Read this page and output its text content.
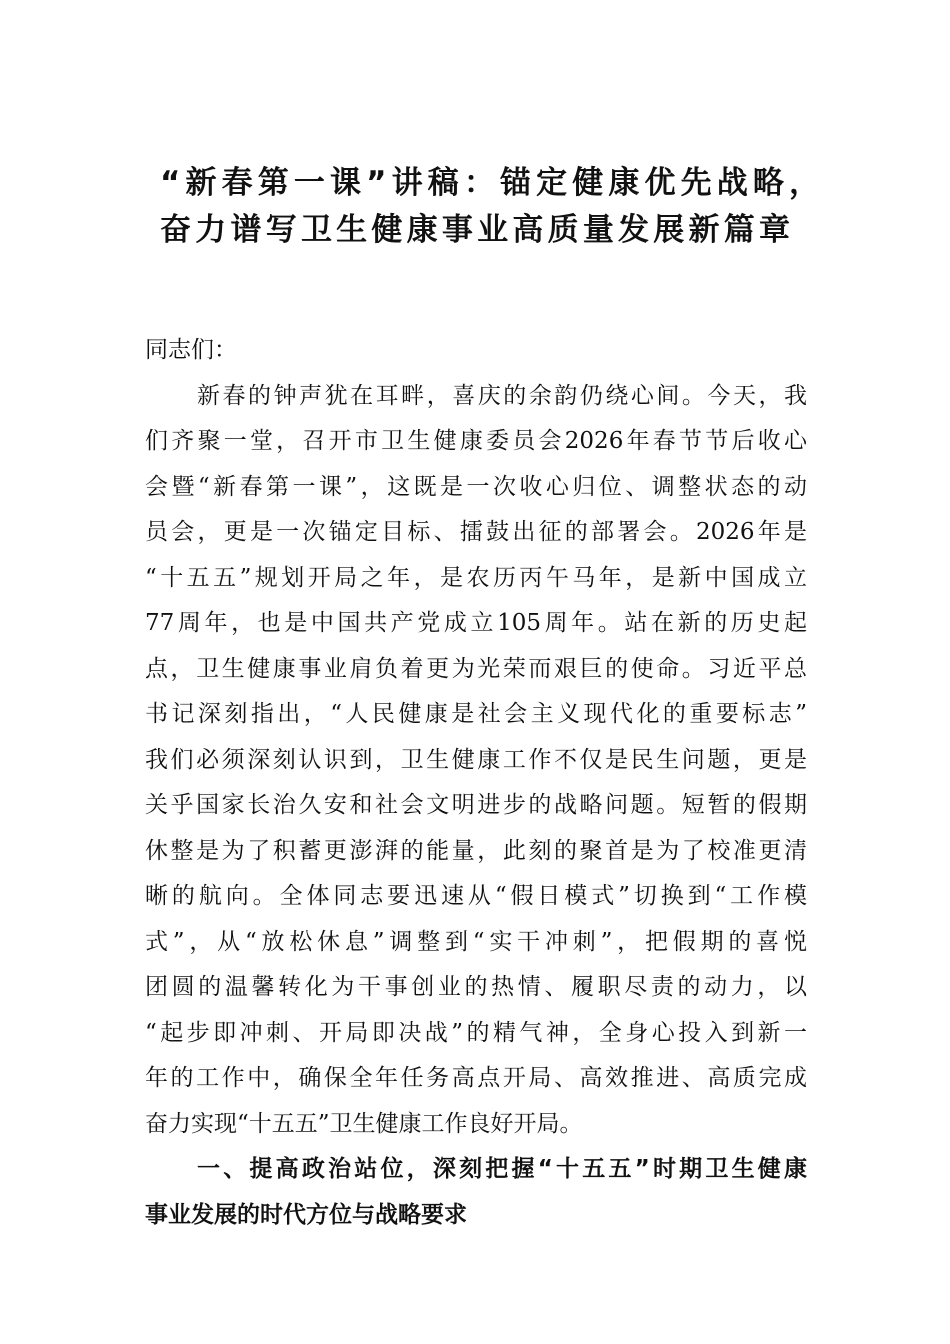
“新春第一课”讲稿：锚定健康优先战略，
奋力谱写卫生健康事业高质量发展新篇章
同志们：
新春的钟声犹在耳畔，喜庆的余韵仍绕心间。今天，我
们齐聚一堂，召开市卫生健康委员会2026年春节节后收心
会暨“新春第一课”，这既是一次收心归位、调整状态的动
员会，更是一次锚定目标、擂鼓出征的部署会。2026年是
“十五五”规划开局之年，是农历丙午马年，是新中国成立
77周年，也是中国共产党成立105周年。站在新的历史起
点，卫生健康事业肩负着更为光荣而艰巨的使命。习近平总
书记深刻指出，“人民健康是社会主义现代化的重要标志”
我们必须深刻认识到，卫生健康工作不仅是民生问题，更是
关乎国家长治久安和社会文明进步的战略问题。短暂的假期
休整是为了积蓄更澎湃的能量，此刻的聚首是为了校准更清
晰的航向。全体同志要迅速从“假日模式”切换到“工作模
式”，从“放松休息”调整到“实干冲刺”，把假期的喜悦
团圆的温馨转化为干事创业的热情、履职尽责的动力，以
“起步即冲刺、开局即决战”的精气神，全身心投入到新一
年的工作中，确保全年任务高点开局、高效推进、高质完成
奋力实现“十五五”卫生健康工作良好开局。
一、提高政治站位，深刻把握“十五五”时期卫生健康
事业发展的时代方位与战略要求
